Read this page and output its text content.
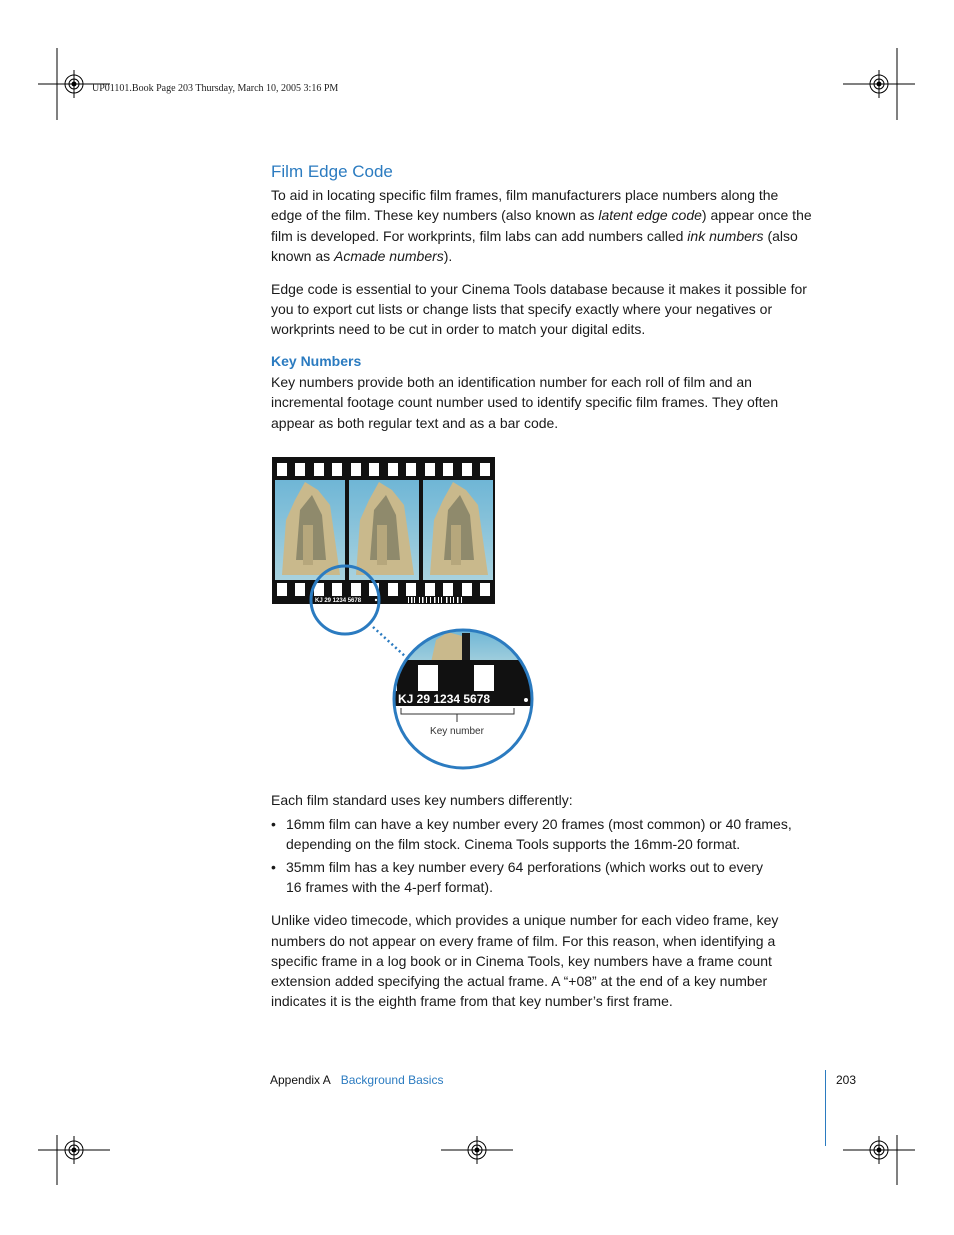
UP01101.Book Page 203 Thursday, March 10, 2005 3:16 PM
Film Edge Code

To aid in locating specific film frames, film manufacturers place numbers along the

edge of the film. These key numbers (also known as latent edge code) appear once the

film is developed. For workprints, film labs can add numbers called ink numbers (also

known as Acmade numbers).

Edge code is essential to your Cinema Tools database because it makes it possible for

you to export cut lists or change lists that specify exactly where your negatives or

workprints need to be cut in order to match your digital edits.

Key Numbers

Key numbers provide both an identification number for each roll of film and an

incremental footage count number used to identify specific film frames. They often

appear as both regular text and as a bar code.

KJ 29 1234 5678
KJ 29 1234 5678
Key number

Each film standard uses key numbers differently:

• 16mm film can have a key number every 20 frames (most common) or 40 frames,
depending on the film stock. Cinema Tools supports the 16mm-20 format.
• 35mm film has a key number every 64 perforations (which works out to every
16 frames with the 4-perf format).

Unlike video timecode, which provides a unique number for each video frame, key

numbers do not appear on every frame of film. For this reason, when identifying a

specific frame in a log book or in Cinema Tools, key numbers have a frame count

extension added specifying the actual frame. A “+08” at the end of a key number

indicates it is the eighth frame from that key number’s first frame.

Appendix A Background Basics	203
